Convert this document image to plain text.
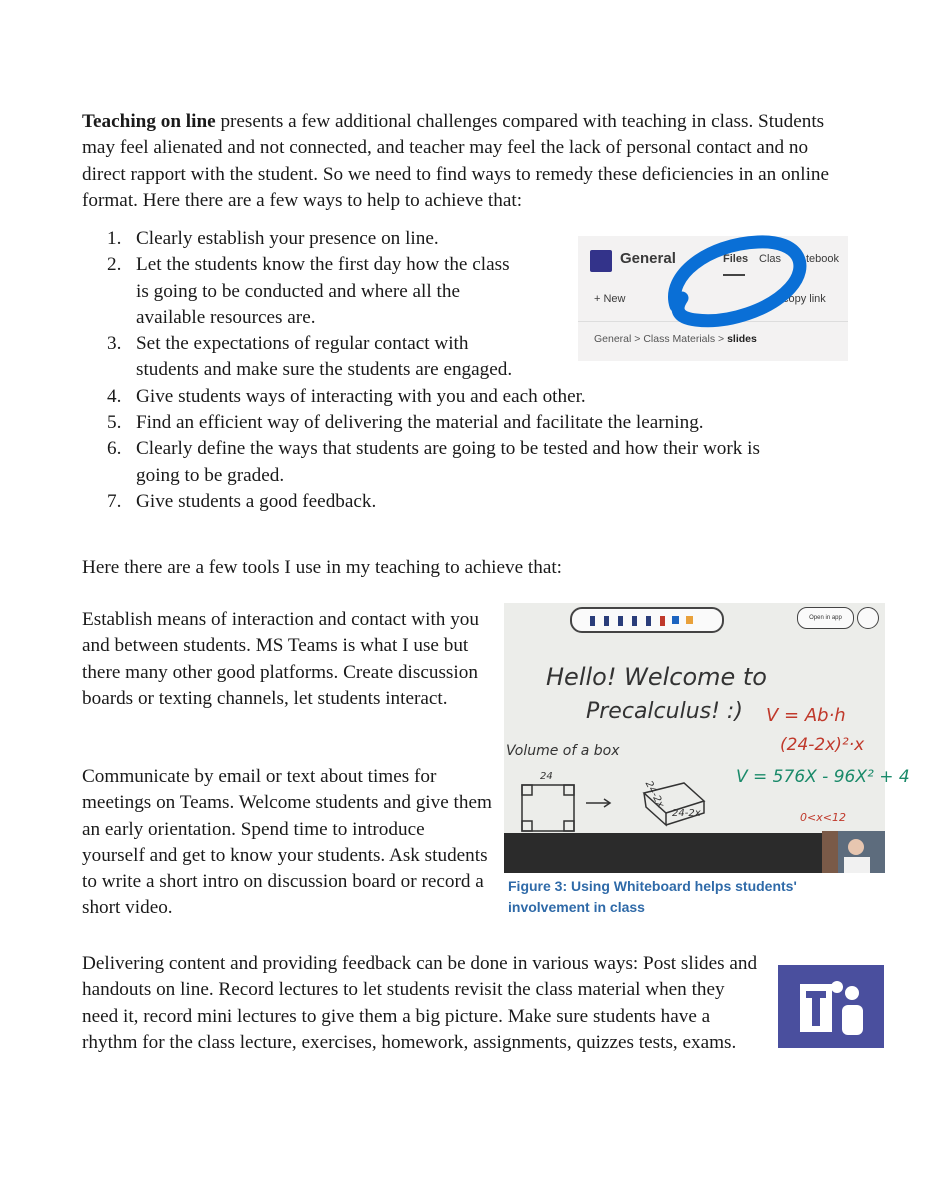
Teaching on line presents a few additional challenges compared with teaching in class. Students may feel alienated and not connected, and teacher may feel the lack of personal contact and no direct rapport with the student. So we need to find ways to remedy these deficiencies in an online format. Here there are a few ways to help to achieve that:
1. Clearly establish your presence on line.
2. Let the students know the first day how the class
is going to be conducted and where all the
available resources are.
3. Set the expectations of regular contact with
students and make sure the students are engaged.
4. Give students ways of interacting with you and each other.
5. Find an efficient way of delivering the material and facilitate the learning.
6. Clearly define the ways that students are going to be tested and how their work is
going to be graded.
7. Give students a good feedback.
General	Files Clas tebook
+ New	copy link
General > Class Materials > slides
Here there are a few tools I use in my teaching to achieve that:
Establish means of interaction and contact with you and between students. MS Teams is what I use but there many other good platforms. Create discussion boards or texting channels, let students interact.
Open in app
Hello! Welcome to
Precalculus! :) V = Ab·h
(24-2x)²·x
Volume of a box
V = 576X - 96X² + 4
0<x<12
24
24-2x
24-2x
Figure 3: Using Whiteboard helps students' involvement in class
Communicate by email or text about times for meetings on Teams. Welcome students and give them an early orientation. Spend time to introduce yourself and get to know your students. Ask students to write a short intro on discussion board or record a short video.
Delivering content and providing feedback can be done in various ways: Post slides and handouts on line. Record lectures to let students revisit the class material when they need it, record mini lectures to give them a big picture. Make sure students have a rhythm for the class lecture, exercises, homework, assignments, quizzes tests, exams.
